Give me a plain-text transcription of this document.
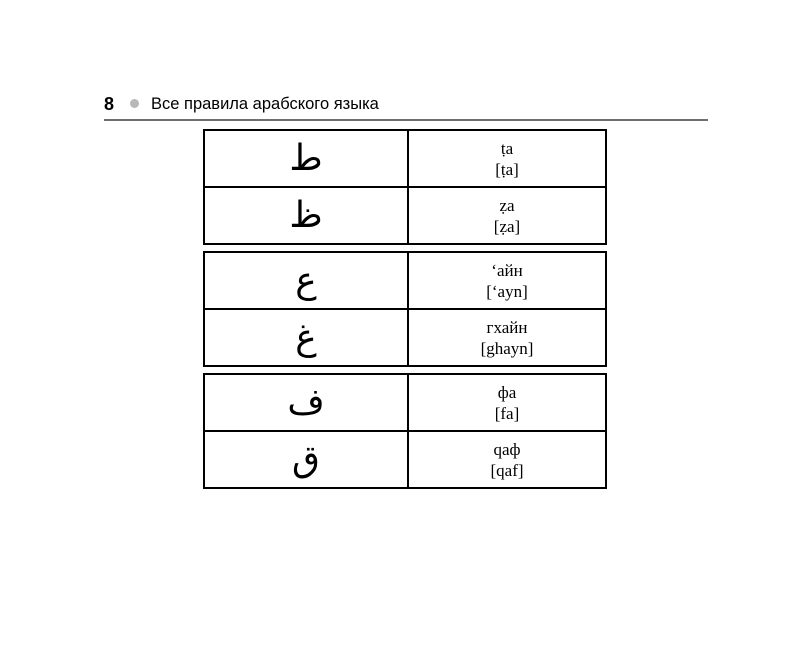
8 Все правила арабского языка
ط	ṭa
[ṭa]
ظ	ẓa
[ẓa]
ع	ʻайн
[ʻayn]
غ	гхайн
[ghayn]
ف	фа
[fa]
ق	qаф
[qaf]
